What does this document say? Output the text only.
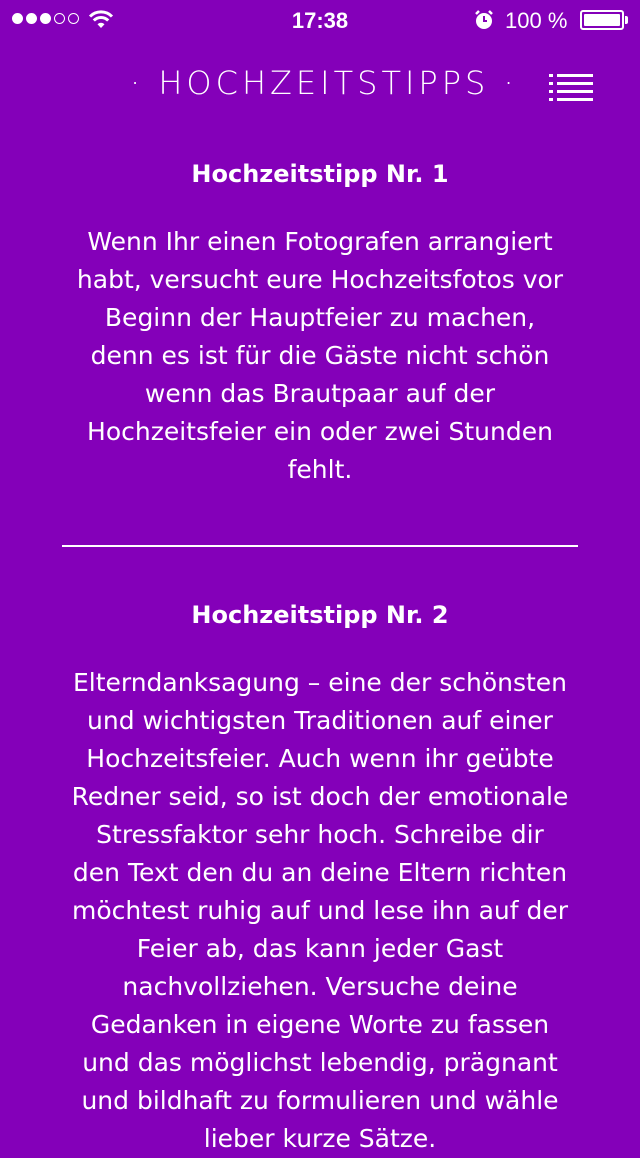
17:38	100 %
· HOCHZEITSTIPPS ·
Hochzeitstipp Nr. 1

Wenn Ihr einen Fotografen arrangiert
habt, versucht eure Hochzeitsfotos vor
Beginn der Hauptfeier zu machen,
denn es ist für die Gäste nicht schön
wenn das Brautpaar auf der
Hochzeitsfeier ein oder zwei Stunden
fehlt.

Hochzeitstipp Nr. 2

Elterndanksagung – eine der schönsten
und wichtigsten Traditionen auf einer
Hochzeitsfeier. Auch wenn ihr geübte
Redner seid, so ist doch der emotionale
Stressfaktor sehr hoch. Schreibe dir
den Text den du an deine Eltern richten
möchtest ruhig auf und lese ihn auf der
Feier ab, das kann jeder Gast
nachvollziehen. Versuche deine
Gedanken in eigene Worte zu fassen
und das möglichst lebendig, prägnant
und bildhaft zu formulieren und wähle
lieber kurze Sätze.
